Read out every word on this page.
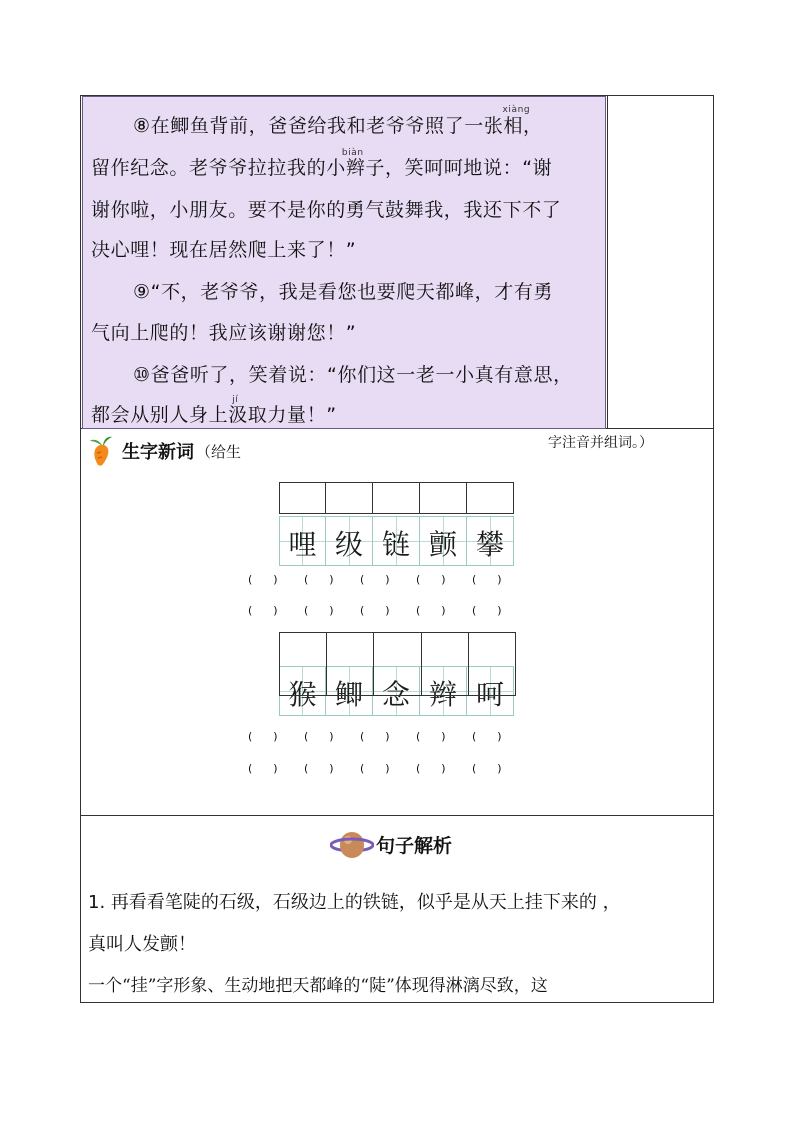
⑧在鲫鱼背前，爸爸给我和老爷爷照了一张
xiàng
相，
留作纪念。老爷爷拉拉我的小
biàn
辫子，笑呵呵地说：“谢
谢你啦，小朋友。要不是你的勇气鼓舞我，我还下不了
决心哩！现在居然爬上来了！”
⑨“不，老爷爷，我是看您也要爬天都峰，才有勇
气向上爬的！我应该谢谢您！”
⑩爸爸听了，笑着说：“你们这一老一小真有意思，
都会从别人身上
jí
汲取力量！”
生字新词 （给生	字注音并组词。）
哩 级 链 颤 攀
(      )	(      )	(      )	(      )	(      )
(      )	(      )	(      )	(      )	(      )
猴 鲫 念 辫 呵
(      )	(      )	(      )	(      )	(      )
(      )	(      )	(      )	(      )	(      )
句子解析
1. 再看看笔陡的石级，石级边上的铁链，似乎是从天上挂下来的 ，
真叫人发颤！
一个“挂”字形象、生动地把天都峰的“陡”体现得淋漓尽致，这
